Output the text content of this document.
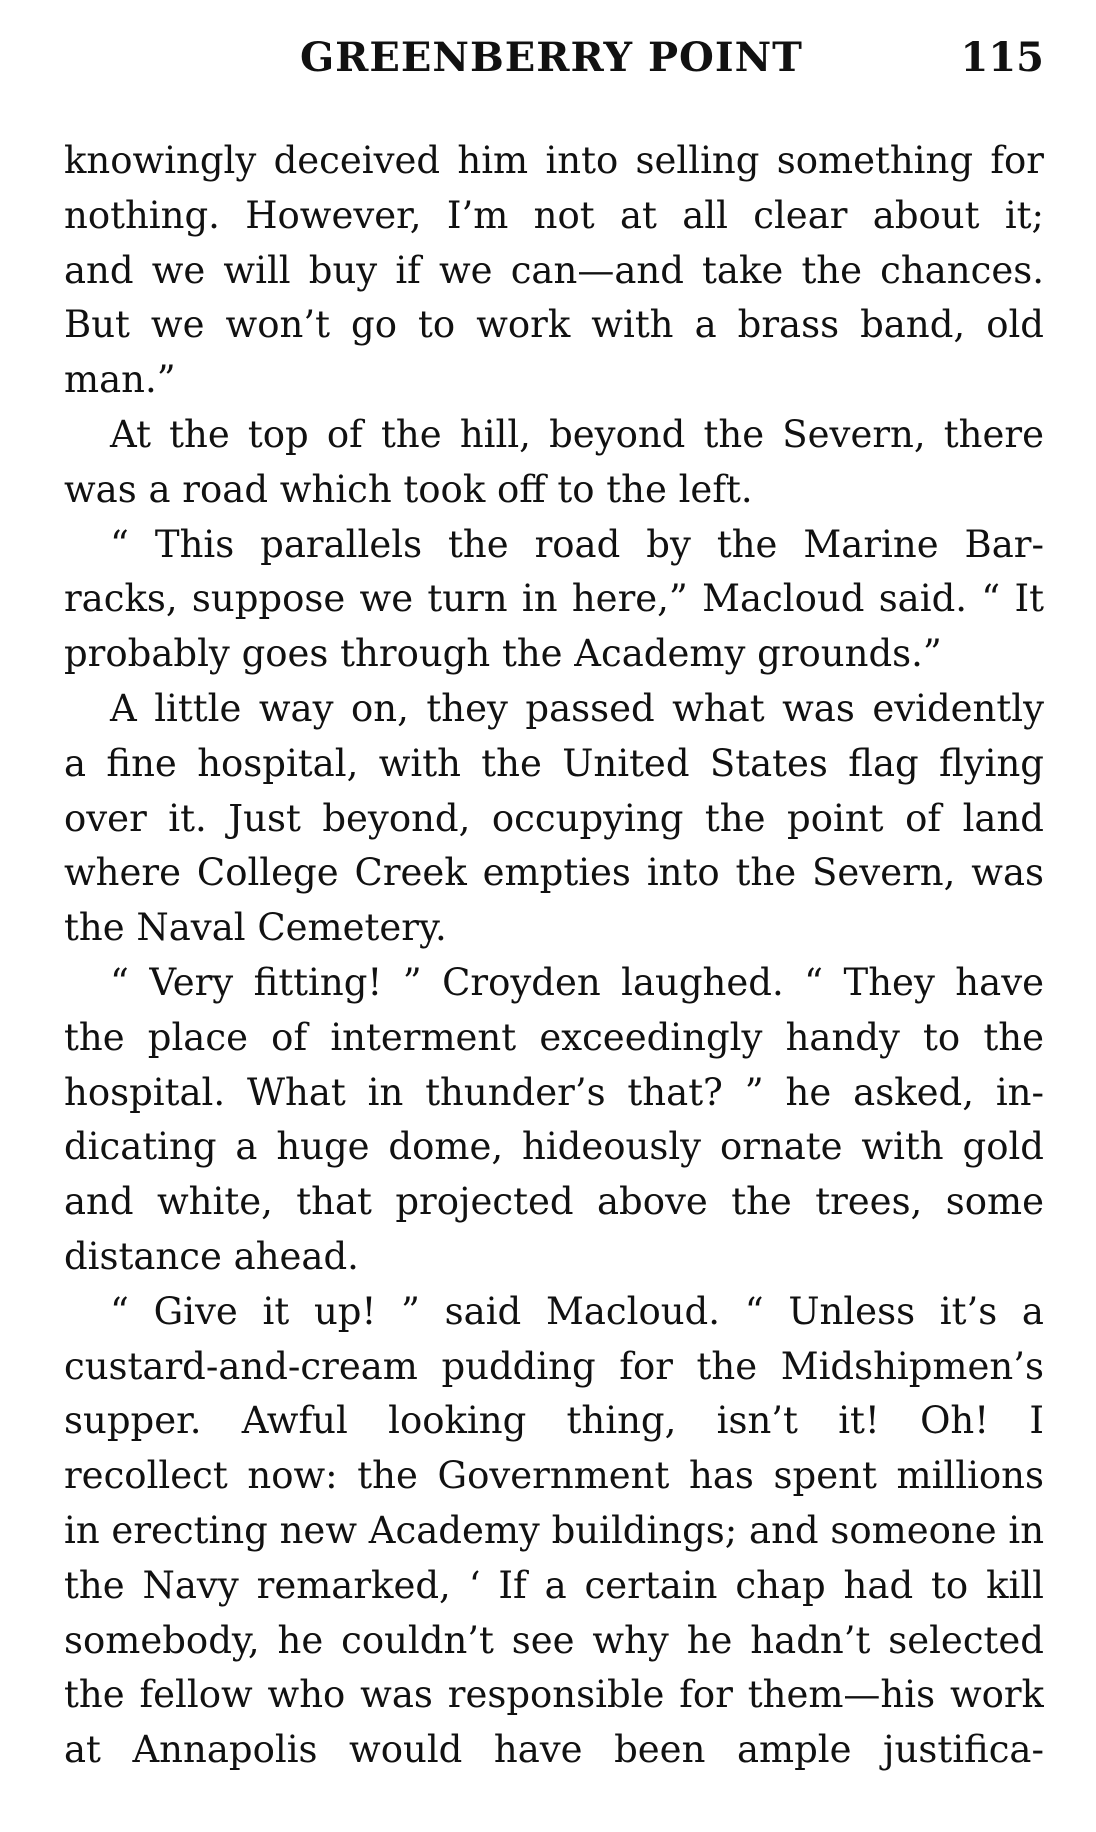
GREENBERRY POINT	115
knowingly deceived him into selling something for
nothing. However, I’m not at all clear about it;
and we will buy if we can—and take the chances.
But we won’t go to work with a brass band, old
man.”
At the top of the hill, beyond the Severn, there
was a road which took off to the left.
“ This parallels the road by the Marine Bar-
racks, suppose we turn in here,” Macloud said. “ It
probably goes through the Academy grounds.”
A little way on, they passed what was evidently
a fine hospital, with the United States flag flying
over it. Just beyond, occupying the point of land
where College Creek empties into the Severn, was
the Naval Cemetery.
“ Very fitting! ” Croyden laughed. “ They have
the place of interment exceedingly handy to the
hospital. What in thunder’s that? ” he asked, in-
dicating a huge dome, hideously ornate with gold
and white, that projected above the trees, some
distance ahead.
“ Give it up! ” said Macloud. “ Unless it’s a
custard-and-cream pudding for the Midshipmen’s
supper. Awful looking thing, isn’t it! Oh! I
recollect now: the Government has spent millions
in erecting new Academy buildings; and someone in
the Navy remarked, ‘ If a certain chap had to kill
somebody, he couldn’t see why he hadn’t selected
the fellow who was responsible for them—his work
at Annapolis would have been ample justifica-
